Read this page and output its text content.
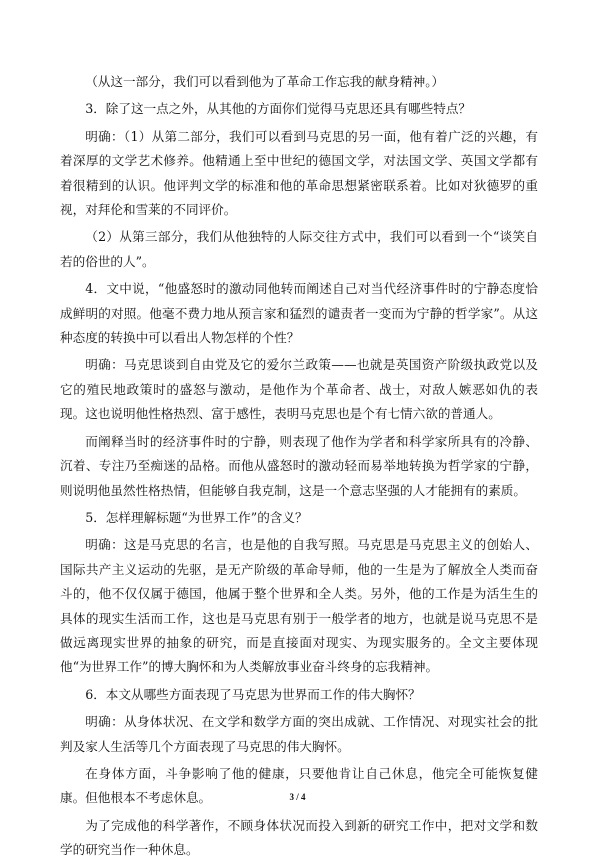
（从这一部分，我们可以看到他为了革命工作忘我的献身精神。）

3．除了这一点之外，从其他的方面你们觉得马克思还具有哪些特点？

明确：（1）从第二部分，我们可以看到马克思的另一面，他有着广泛的兴趣，有着深厚的文学艺术修养。他精通上至中世纪的德国文学，对法国文学、英国文学都有着很精到的认识。他评判文学的标准和他的革命思想紧密联系着。比如对狄德罗的重视，对拜伦和雪莱的不同评价。

（2）从第三部分，我们从他独特的人际交往方式中，我们可以看到一个“谈笑自若的俗世的人”。

4．文中说，“他盛怒时的激动同他转而阐述自己对当代经济事件时的宁静态度恰成鲜明的对照。他毫不费力地从预言家和猛烈的谴责者一变而为宁静的哲学家”。从这种态度的转换中可以看出人物怎样的个性？

明确：马克思谈到自由党及它的爱尔兰政策——也就是英国资产阶级执政党以及它的殖民地政策时的盛怒与激动，是他作为个革命者、战士，对敌人嫉恶如仇的表现。这也说明他性格热烈、富于感性，表明马克思也是个有七情六欲的普通人。

而阐释当时的经济事件时的宁静，则表现了他作为学者和科学家所具有的冷静、沉着、专注乃至痴迷的品格。而他从盛怒时的激动轻而易举地转换为哲学家的宁静，则说明他虽然性格热情，但能够自我克制，这是一个意志坚强的人才能拥有的素质。

5．怎样理解标题“为世界工作”的含义？

明确：这是马克思的名言，也是他的自我写照。马克思是马克思主义的创始人、国际共产主义运动的先驱，是无产阶级的革命导师，他的一生是为了解放全人类而奋斗的，他不仅仅属于德国，他属于整个世界和全人类。另外，他的工作是为活生生的具体的现实生活而工作，这也是马克思有别于一般学者的地方，也就是说马克思不是做远离现实世界的抽象的研究，而是直接面对现实、为现实服务的。全文主要体现他“为世界工作”的博大胸怀和为人类解放事业奋斗终身的忘我精神。

6．本文从哪些方面表现了马克思为世界而工作的伟大胸怀？

明确：从身体状况、在文学和数学方面的突出成就、工作情况、对现实社会的批判及家人生活等几个方面表现了马克思的伟大胸怀。

在身体方面，斗争影响了他的健康，只要他肯让自己休息，他完全可能恢复健康。但他根本不考虑休息。

为了完成他的科学著作，不顾身体状况而投入到新的研究工作中，把对文学和数学的研究当作一种休息。

3 / 4
